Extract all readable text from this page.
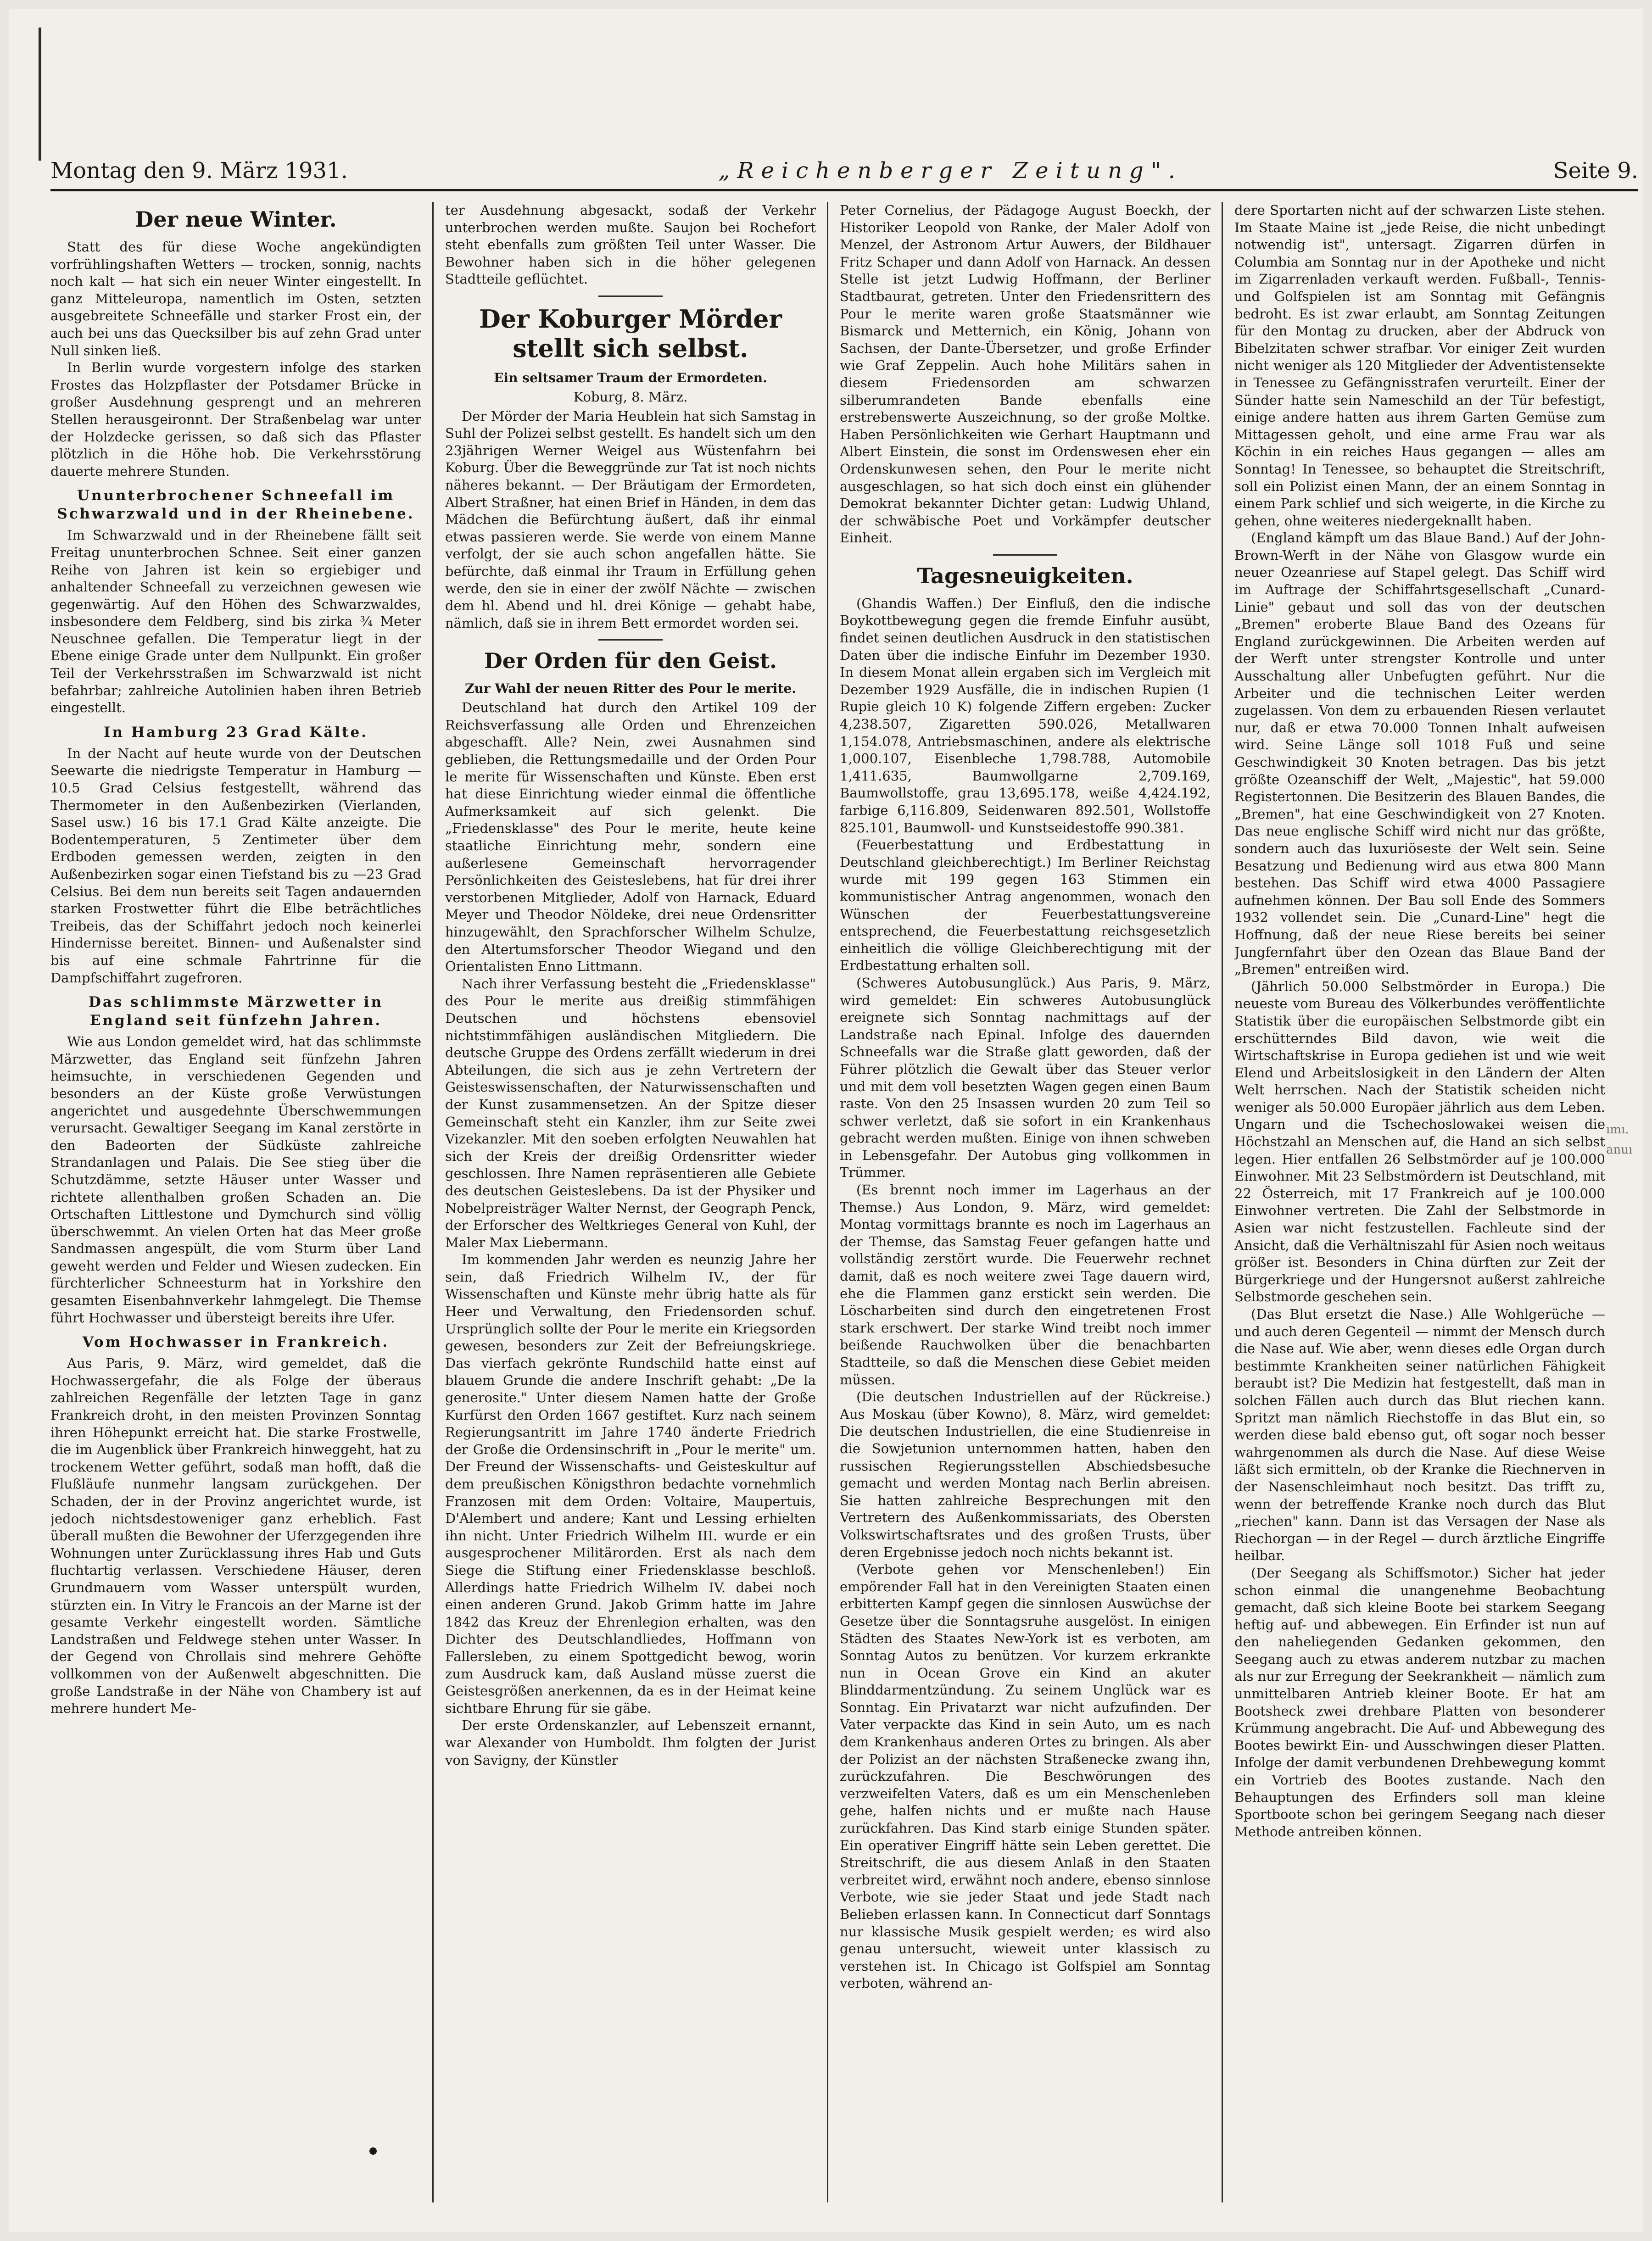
Montag den 9. März 1931.	„Reichenberger Zeitung".	Seite 9.
Der neue Winter.

Statt des für diese Woche angekündigten vorfrühlingshaften Wetters — trocken, sonnig, nachts noch kalt — hat sich ein neuer Winter eingestellt. In ganz Mitteleuropa, namentlich im Osten, setzten ausgebreitete Schneefälle und starker Frost ein, der auch bei uns das Quecksilber bis auf zehn Grad unter Null sinken ließ.

In Berlin wurde vorgestern infolge des starken Frostes das Holzpflaster der Potsdamer Brücke in großer Ausdehnung gesprengt und an mehreren Stellen herausgeironnt. Der Straßenbelag war unter der Holzdecke gerissen, so daß sich das Pflaster plötzlich in die Höhe hob. Die Verkehrsstörung dauerte mehrere Stunden.

Ununterbrochener Schneefall im Schwarzwald und in der Rheinebene.

Im Schwarzwald und in der Rheinebene fällt seit Freitag ununterbrochen Schnee. Seit einer ganzen Reihe von Jahren ist kein so ergiebiger und anhaltender Schneefall zu verzeichnen gewesen wie gegenwärtig. Auf den Höhen des Schwarzwaldes, insbesondere dem Feldberg, sind bis zirka ¾ Meter Neuschnee gefallen. Die Temperatur liegt in der Ebene einige Grade unter dem Nullpunkt. Ein großer Teil der Verkehrsstraßen im Schwarzwald ist nicht befahrbar; zahlreiche Autolinien haben ihren Betrieb eingestellt.

In Hamburg 23 Grad Kälte.

In der Nacht auf heute wurde von der Deutschen Seewarte die niedrigste Temperatur in Hamburg —10.5 Grad Celsius festgestellt, während das Thermometer in den Außenbezirken (Vierlanden, Sasel usw.) 16 bis 17.1 Grad Kälte anzeigte. Die Bodentemperaturen, 5 Zentimeter über dem Erdboden gemessen werden, zeigten in den Außenbezirken sogar einen Tiefstand bis zu —23 Grad Celsius. Bei dem nun bereits seit Tagen andauernden starken Frostwetter führt die Elbe beträchtliches Treibeis, das der Schiffahrt jedoch noch keinerlei Hindernisse bereitet. Binnen- und Außenalster sind bis auf eine schmale Fahrtrinne für die Dampfschiffahrt zugefroren.

Das schlimmste Märzwetter in England seit fünfzehn Jahren.

Wie aus London gemeldet wird, hat das schlimmste Märzwetter, das England seit fünfzehn Jahren heimsuchte, in verschiedenen Gegenden und besonders an der Küste große Verwüstungen angerichtet und ausgedehnte Überschwemmungen verursacht. Gewaltiger Seegang im Kanal zerstörte in den Badeorten der Südküste zahlreiche Strandanlagen und Palais. Die See stieg über die Schutzdämme, setzte Häuser unter Wasser und richtete allenthalben großen Schaden an. Die Ortschaften Littlestone und Dymchurch sind völlig überschwemmt. An vielen Orten hat das Meer große Sandmassen angespült, die vom Sturm über Land geweht werden und Felder und Wiesen zudecken. Ein fürchterlicher Schneesturm hat in Yorkshire den gesamten Eisenbahnverkehr lahmgelegt. Die Themse führt Hochwasser und übersteigt bereits ihre Ufer.

Vom Hochwasser in Frankreich.

Aus Paris, 9. März, wird gemeldet, daß die Hochwassergefahr, die als Folge der überaus zahlreichen Regenfälle der letzten Tage in ganz Frankreich droht, in den meisten Provinzen Sonntag ihren Höhepunkt erreicht hat. Die starke Frostwelle, die im Augenblick über Frankreich hinweggeht, hat zu trockenem Wetter geführt, sodaß man hofft, daß die Flußläufe nunmehr langsam zurückgehen. Der Schaden, der in der Provinz angerichtet wurde, ist jedoch nichtsdestoweniger ganz erheblich. Fast überall mußten die Bewohner der Uferzgegenden ihre Wohnungen unter Zurücklassung ihres Hab und Guts fluchtartig verlassen. Verschiedene Häuser, deren Grundmauern vom Wasser unterspült wurden, stürzten ein. In Vitry le Francois an der Marne ist der gesamte Verkehr eingestellt worden. Sämtliche Landstraßen und Feldwege stehen unter Wasser. In der Gegend von Chrollais sind mehrere Gehöfte vollkommen von der Außenwelt abgeschnitten. Die große Landstraße in der Nähe von Chambery ist auf mehrere hundert Me-

ter Ausdehnung abgesackt, sodaß der Verkehr unterbrochen werden mußte. Saujon bei Rochefort steht ebenfalls zum größten Teil unter Wasser. Die Bewohner haben sich in die höher gelegenen Stadtteile geflüchtet.

Der Koburger Mörder stellt sich selbst.
Ein seltsamer Traum der Ermordeten.
Koburg, 8. März.

Der Mörder der Maria Heublein hat sich Samstag in Suhl der Polizei selbst gestellt. Es handelt sich um den 23jährigen Werner Weigel aus Wüstenfahrn bei Koburg. Über die Beweggründe zur Tat ist noch nichts näheres bekannt. — Der Bräutigam der Ermordeten, Albert Straßner, hat einen Brief in Händen, in dem das Mädchen die Befürchtung äußert, daß ihr einmal etwas passieren werde. Sie werde von einem Manne verfolgt, der sie auch schon angefallen hätte. Sie befürchte, daß einmal ihr Traum in Erfüllung gehen werde, den sie in einer der zwölf Nächte — zwischen dem hl. Abend und hl. drei Könige — gehabt habe, nämlich, daß sie in ihrem Bett ermordet worden sei.

Der Orden für den Geist.
Zur Wahl der neuen Ritter des Pour le merite.

Deutschland hat durch den Artikel 109 der Reichsverfassung alle Orden und Ehrenzeichen abgeschafft. Alle? Nein, zwei Ausnahmen sind geblieben, die Rettungsmedaille und der Orden Pour le merite für Wissenschaften und Künste. Eben erst hat diese Einrichtung wieder einmal die öffentliche Aufmerksamkeit auf sich gelenkt. Die „Friedensklasse" des Pour le merite, heute keine staatliche Einrichtung mehr, sondern eine außerlesene Gemeinschaft hervorragender Persönlichkeiten des Geisteslebens, hat für drei ihrer verstorbenen Mitglieder, Adolf von Harnack, Eduard Meyer und Theodor Nöldeke, drei neue Ordensritter hinzugewählt, den Sprachforscher Wilhelm Schulze, den Altertumsforscher Theodor Wiegand und den Orientalisten Enno Littmann.

Nach ihrer Verfassung besteht die „Friedensklasse" des Pour le merite aus dreißig stimmfähigen Deutschen und höchstens ebensoviel nichtstimmfähigen ausländischen Mitgliedern. Die deutsche Gruppe des Ordens zerfällt wiederum in drei Abteilungen, die sich aus je zehn Vertretern der Geisteswissenschaften, der Naturwissenschaften und der Kunst zusammensetzen. An der Spitze dieser Gemeinschaft steht ein Kanzler, ihm zur Seite zwei Vizekanzler. Mit den soeben erfolgten Neuwahlen hat sich der Kreis der dreißig Ordensritter wieder geschlossen. Ihre Namen repräsentieren alle Gebiete des deutschen Geisteslebens. Da ist der Physiker und Nobelpreisträger Walter Nernst, der Geograph Penck, der Erforscher des Weltkrieges General von Kuhl, der Maler Max Liebermann.

Im kommenden Jahr werden es neunzig Jahre her sein, daß Friedrich Wilhelm IV., der für Wissenschaften und Künste mehr übrig hatte als für Heer und Verwaltung, den Friedensorden schuf. Ursprünglich sollte der Pour le merite ein Kriegsorden gewesen, besonders zur Zeit der Befreiungskriege. Das vierfach gekrönte Rundschild hatte einst auf blauem Grunde die andere Inschrift gehabt: „De la generosite." Unter diesem Namen hatte der Große Kurfürst den Orden 1667 gestiftet. Kurz nach seinem Regierungsantritt im Jahre 1740 änderte Friedrich der Große die Ordensinschrift in „Pour le merite" um. Der Freund der Wissenschafts- und Geisteskultur auf dem preußischen Königsthron bedachte vornehmlich Franzosen mit dem Orden: Voltaire, Maupertuis, D'Alembert und andere; Kant und Lessing erhielten ihn nicht. Unter Friedrich Wilhelm III. wurde er ein ausgesprochener Militärorden. Erst als nach dem Siege die Stiftung einer Friedensklasse beschloß. Allerdings hatte Friedrich Wilhelm IV. dabei noch einen anderen Grund. Jakob Grimm hatte im Jahre 1842 das Kreuz der Ehrenlegion erhalten, was den Dichter des Deutschlandliedes, Hoffmann von Fallersleben, zu einem Spottgedicht bewog, worin zum Ausdruck kam, daß Ausland müsse zuerst die Geistesgrößen anerkennen, da es in der Heimat keine sichtbare Ehrung für sie gäbe.

Der erste Ordenskanzler, auf Lebenszeit ernannt, war Alexander von Humboldt. Ihm folgten der Jurist von Savigny, der Künstler

Peter Cornelius, der Pädagoge August Boeckh, der Historiker Leopold von Ranke, der Maler Adolf von Menzel, der Astronom Artur Auwers, der Bildhauer Fritz Schaper und dann Adolf von Harnack. An dessen Stelle ist jetzt Ludwig Hoffmann, der Berliner Stadtbaurat, getreten. Unter den Friedensrittern des Pour le merite waren große Staatsmänner wie Bismarck und Metternich, ein König, Johann von Sachsen, der Dante-Übersetzer, und große Erfinder wie Graf Zeppelin. Auch hohe Militärs sahen in diesem Friedensorden am schwarzen silberumrandeten Bande ebenfalls eine erstrebenswerte Auszeichnung, so der große Moltke. Haben Persönlichkeiten wie Gerhart Hauptmann und Albert Einstein, die sonst im Ordenswesen eher ein Ordenskunwesen sehen, den Pour le merite nicht ausgeschlagen, so hat sich doch einst ein glühender Demokrat bekannter Dichter getan: Ludwig Uhland, der schwäbische Poet und Vorkämpfer deutscher Einheit.

Tagesneuigkeiten.

(Ghandis Waffen.) Der Einfluß, den die indische Boykottbewegung gegen die fremde Einfuhr ausübt, findet seinen deutlichen Ausdruck in den statistischen Daten über die indische Einfuhr im Dezember 1930. In diesem Monat allein ergaben sich im Vergleich mit Dezember 1929 Ausfälle, die in indischen Rupien (1 Rupie gleich 10 K) folgende Ziffern ergeben: Zucker 4,238.507, Zigaretten 590.026, Metallwaren 1,154.078, Antriebsmaschinen, andere als elektrische 1,000.107, Eisenbleche 1,798.788, Automobile 1,411.635, Baumwollgarne 2,709.169, Baumwollstoffe, grau 13,695.178, weiße 4,424.192, farbige 6,116.809, Seidenwaren 892.501, Wollstoffe 825.101, Baumwoll- und Kunstseidestoffe 990.381.

(Feuerbestattung und Erdbestattung in Deutschland gleichberechtigt.) Im Berliner Reichstag wurde mit 199 gegen 163 Stimmen ein kommunistischer Antrag angenommen, wonach den Wünschen der Feuerbestattungsvereine entsprechend, die Feuerbestattung reichsgesetzlich einheitlich die völlige Gleichberechtigung mit der Erdbestattung erhalten soll.

(Schweres Autobusunglück.) Aus Paris, 9. März, wird gemeldet: Ein schweres Autobusunglück ereignete sich Sonntag nachmittags auf der Landstraße nach Epinal. Infolge des dauernden Schneefalls war die Straße glatt geworden, daß der Führer plötzlich die Gewalt über das Steuer verlor und mit dem voll besetzten Wagen gegen einen Baum raste. Von den 25 Insassen wurden 20 zum Teil so schwer verletzt, daß sie sofort in ein Krankenhaus gebracht werden mußten. Einige von ihnen schweben in Lebensgefahr. Der Autobus ging vollkommen in Trümmer.

(Es brennt noch immer im Lagerhaus an der Themse.) Aus London, 9. März, wird gemeldet: Montag vormittags brannte es noch im Lagerhaus an der Themse, das Samstag Feuer gefangen hatte und vollständig zerstört wurde. Die Feuerwehr rechnet damit, daß es noch weitere zwei Tage dauern wird, ehe die Flammen ganz erstickt sein werden. Die Löscharbeiten sind durch den eingetretenen Frost stark erschwert. Der starke Wind treibt noch immer beißende Rauchwolken über die benachbarten Stadtteile, so daß die Menschen diese Gebiet meiden müssen.

(Die deutschen Industriellen auf der Rückreise.) Aus Moskau (über Kowno), 8. März, wird gemeldet: Die deutschen Industriellen, die eine Studienreise in die Sowjetunion unternommen hatten, haben den russischen Regierungsstellen Abschiedsbesuche gemacht und werden Montag nach Berlin abreisen. Sie hatten zahlreiche Besprechungen mit den Vertretern des Außenkommissariats, des Obersten Volkswirtschaftsrates und des großen Trusts, über deren Ergebnisse jedoch noch nichts bekannt ist.

(Verbote gehen vor Menschenleben!) Ein empörender Fall hat in den Vereinigten Staaten einen erbitterten Kampf gegen die sinnlosen Auswüchse der Gesetze über die Sonntagsruhe ausgelöst. In einigen Städten des Staates New-York ist es verboten, am Sonntag Autos zu benützen. Vor kurzem erkrankte nun in Ocean Grove ein Kind an akuter Blinddarmentzündung. Zu seinem Unglück war es Sonntag. Ein Privatarzt war nicht aufzufinden. Der Vater verpackte das Kind in sein Auto, um es nach dem Krankenhaus anderen Ortes zu bringen. Als aber der Polizist an der nächsten Straßenecke zwang ihn, zurückzufahren. Die Beschwörungen des verzweifelten Vaters, daß es um ein Menschenleben gehe, halfen nichts und er mußte nach Hause zurückfahren. Das Kind starb einige Stunden später. Ein operativer Eingriff hätte sein Leben gerettet. Die Streitschrift, die aus diesem Anlaß in den Staaten verbreitet wird, erwähnt noch andere, ebenso sinnlose Verbote, wie sie jeder Staat und jede Stadt nach Belieben erlassen kann. In Connecticut darf Sonntags nur klassische Musik gespielt werden; es wird also genau untersucht, wieweit unter klassisch zu verstehen ist. In Chicago ist Golfspiel am Sonntag verboten, während an-

dere Sportarten nicht auf der schwarzen Liste stehen. Im Staate Maine ist „jede Reise, die nicht unbedingt notwendig ist", untersagt. Zigarren dürfen in Columbia am Sonntag nur in der Apotheke und nicht im Zigarrenladen verkauft werden. Fußball-, Tennis- und Golfspielen ist am Sonntag mit Gefängnis bedroht. Es ist zwar erlaubt, am Sonntag Zeitungen für den Montag zu drucken, aber der Abdruck von Bibelzitaten schwer strafbar. Vor einiger Zeit wurden nicht weniger als 120 Mitglieder der Adventistensekte in Tenessee zu Gefängnisstrafen verurteilt. Einer der Sünder hatte sein Nameschild an der Tür befestigt, einige andere hatten aus ihrem Garten Gemüse zum Mittagessen geholt, und eine arme Frau war als Köchin in ein reiches Haus gegangen — alles am Sonntag! In Tenessee, so behauptet die Streitschrift, soll ein Polizist einen Mann, der an einem Sonntag in einem Park schlief und sich weigerte, in die Kirche zu gehen, ohne weiteres niedergeknallt haben.

(England kämpft um das Blaue Band.) Auf der John-Brown-Werft in der Nähe von Glasgow wurde ein neuer Ozeanriese auf Stapel gelegt. Das Schiff wird im Auftrage der Schiffahrtsgesellschaft „Cunard-Linie" gebaut und soll das von der deutschen „Bremen" eroberte Blaue Band des Ozeans für England zurückgewinnen. Die Arbeiten werden auf der Werft unter strengster Kontrolle und unter Ausschaltung aller Unbefugten geführt. Nur die Arbeiter und die technischen Leiter werden zugelassen. Von dem zu erbauenden Riesen verlautet nur, daß er etwa 70.000 Tonnen Inhalt aufweisen wird. Seine Länge soll 1018 Fuß und seine Geschwindigkeit 30 Knoten betragen. Das bis jetzt größte Ozeanschiff der Welt, „Majestic", hat 59.000 Registertonnen. Die Besitzerin des Blauen Bandes, die „Bremen", hat eine Geschwindigkeit von 27 Knoten. Das neue englische Schiff wird nicht nur das größte, sondern auch das luxuriöseste der Welt sein. Seine Besatzung und Bedienung wird aus etwa 800 Mann bestehen. Das Schiff wird etwa 4000 Passagiere aufnehmen können. Der Bau soll Ende des Sommers 1932 vollendet sein. Die „Cunard-Line" hegt die Hoffnung, daß der neue Riese bereits bei seiner Jungfernfahrt über den Ozean das Blaue Band der „Bremen" entreißen wird.

(Jährlich 50.000 Selbstmörder in Europa.) Die neueste vom Bureau des Völkerbundes veröffentlichte Statistik über die europäischen Selbstmorde gibt ein erschütterndes Bild davon, wie weit die Wirtschaftskrise in Europa gediehen ist und wie weit Elend und Arbeitslosigkeit in den Ländern der Alten Welt herrschen. Nach der Statistik scheiden nicht weniger als 50.000 Europäer jährlich aus dem Leben. Ungarn und die Tschechoslowakei weisen die Höchstzahl an Menschen auf, die Hand an sich selbst legen. Hier entfallen 26 Selbstmörder auf je 100.000 Einwohner. Mit 23 Selbstmördern ist Deutschland, mit 22 Österreich, mit 17 Frankreich auf je 100.000 Einwohner vertreten. Die Zahl der Selbstmorde in Asien war nicht festzustellen. Fachleute sind der Ansicht, daß die Verhältniszahl für Asien noch weitaus größer ist. Besonders in China dürften zur Zeit der Bürgerkriege und der Hungersnot außerst zahlreiche Selbstmorde geschehen sein.

(Das Blut ersetzt die Nase.) Alle Wohlgerüche — und auch deren Gegenteil — nimmt der Mensch durch die Nase auf. Wie aber, wenn dieses edle Organ durch bestimmte Krankheiten seiner natürlichen Fähigkeit beraubt ist? Die Medizin hat festgestellt, daß man in solchen Fällen auch durch das Blut riechen kann. Spritzt man nämlich Riechstoffe in das Blut ein, so werden diese bald ebenso gut, oft sogar noch besser wahrgenommen als durch die Nase. Auf diese Weise läßt sich ermitteln, ob der Kranke die Riechnerven in der Nasenschleimhaut noch besitzt. Das trifft zu, wenn der betreffende Kranke noch durch das Blut „riechen" kann. Dann ist das Versagen der Nase als Riechorgan — in der Regel — durch ärztliche Eingriffe heilbar.

(Der Seegang als Schiffsmotor.) Sicher hat jeder schon einmal die unangenehme Beobachtung gemacht, daß sich kleine Boote bei starkem Seegang heftig auf- und abbewegen. Ein Erfinder ist nun auf den naheliegenden Gedanken gekommen, den Seegang auch zu etwas anderem nutzbar zu machen als nur zur Erregung der Seekrankheit — nämlich zum unmittelbaren Antrieb kleiner Boote. Er hat am Bootsheck zwei drehbare Platten von besonderer Krümmung angebracht. Die Auf- und Abbewegung des Bootes bewirkt Ein- und Ausschwingen dieser Platten. Infolge der damit verbundenen Drehbewegung kommt ein Vortrieb des Bootes zustande. Nach den Behauptungen des Erfinders soll man kleine Sportboote schon bei geringem Seegang nach dieser Methode antreiben können.

ımı.
anuı
